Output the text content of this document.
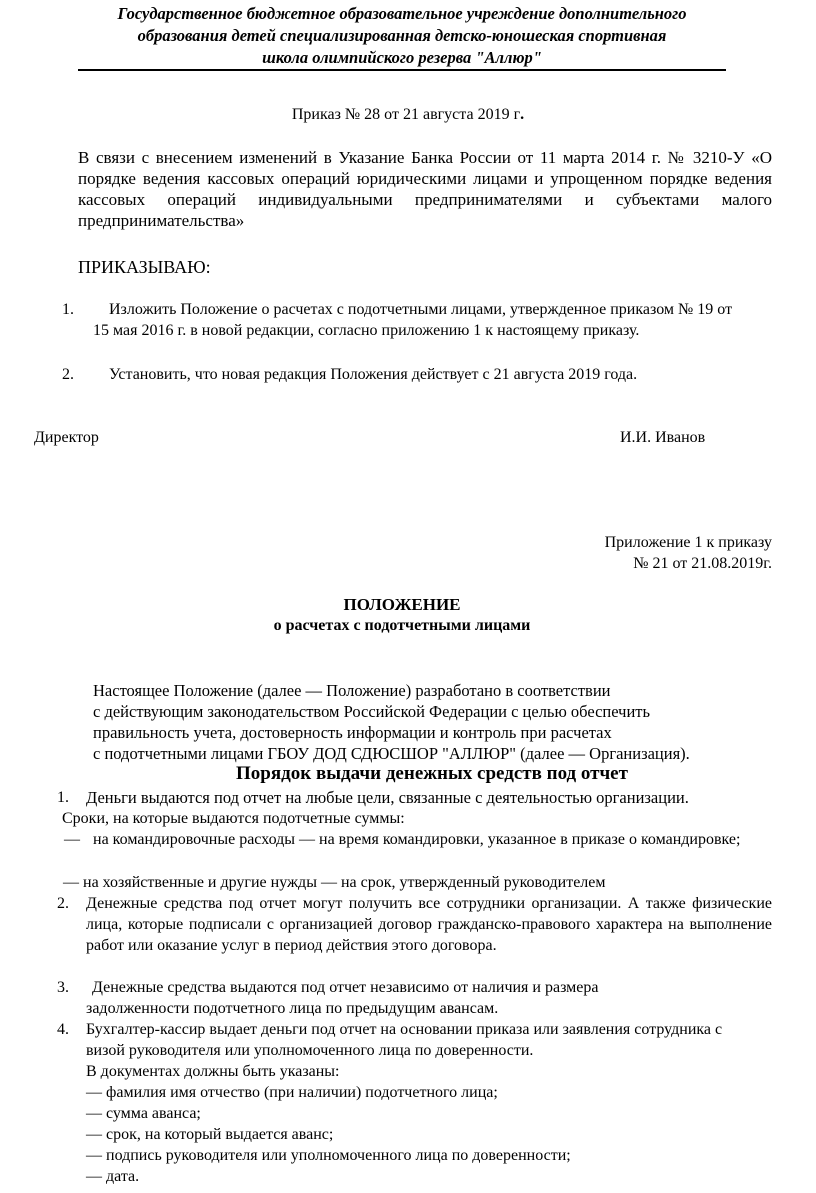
Государственное бюджетное образовательное учреждение дополнительного
образования детей специализированная детско-юношеская спортивная
школа олимпийского резерва "Аллюр"
Приказ № 28 от 21 августа 2019 г.
В связи с внесением изменений в Указание Банка России от 11 марта 2014 г. № 3210-У «О порядке ведения кассовых операций юридическими лицами и упрощенном порядке ведения кассовых операций индивидуальными предпринимателями и субъектами малого предпринимательства»
ПРИКАЗЫВАЮ:
1.	Изложить Положение о расчетах с подотчетными лицами, утвержденное приказом № 19 от 15 мая 2016 г. в новой редакции, согласно приложению 1 к настоящему приказу.
2.	Установить, что новая редакция Положения действует с 21 августа 2019 года.
Директор	И.И. Иванов
Приложение 1 к приказу
№ 21 от 21.08.2019г.
ПОЛОЖЕНИЕ
о расчетах с подотчетными лицами
Настоящее Положение (далее — Положение) разработано в соответствии
с действующим законодательством Российской Федерации с целью обеспечить
правильность учета, достоверность информации и контроль при расчетах
с подотчетными лицами ГБОУ ДОД СДЮСШОР "АЛЛЮР" (далее — Организация).
Порядок выдачи денежных средств под отчет
1. Деньги выдаются под отчет на любые цели, связанные с деятельностью организации.
Сроки, на которые выдаются подотчетные суммы:
— на командировочные расходы — на время командировки, указанное в приказе о командировке;
— на хозяйственные и другие нужды — на срок, утвержденный руководителем
2. Денежные средства под отчет могут получить все сотрудники организации. А также физические лица, которые подписали с организацией договор гражданско-правового характера на выполнение работ или оказание услуг в период действия этого договора.
3.	Денежные средства выдаются под отчет независимо от наличия и размера задолженности подотчетного лица по предыдущим авансам.
4. Бухгалтер-кассир выдает деньги под отчет на основании приказа или заявления сотрудника с визой руководителя или уполномоченного лица по доверенности.
В документах должны быть указаны:
— фамилия имя отчество (при наличии) подотчетного лица;
— сумма аванса;
— срок, на который выдается аванс;
— подпись руководителя или уполномоченного лица по доверенности;
— дата.
